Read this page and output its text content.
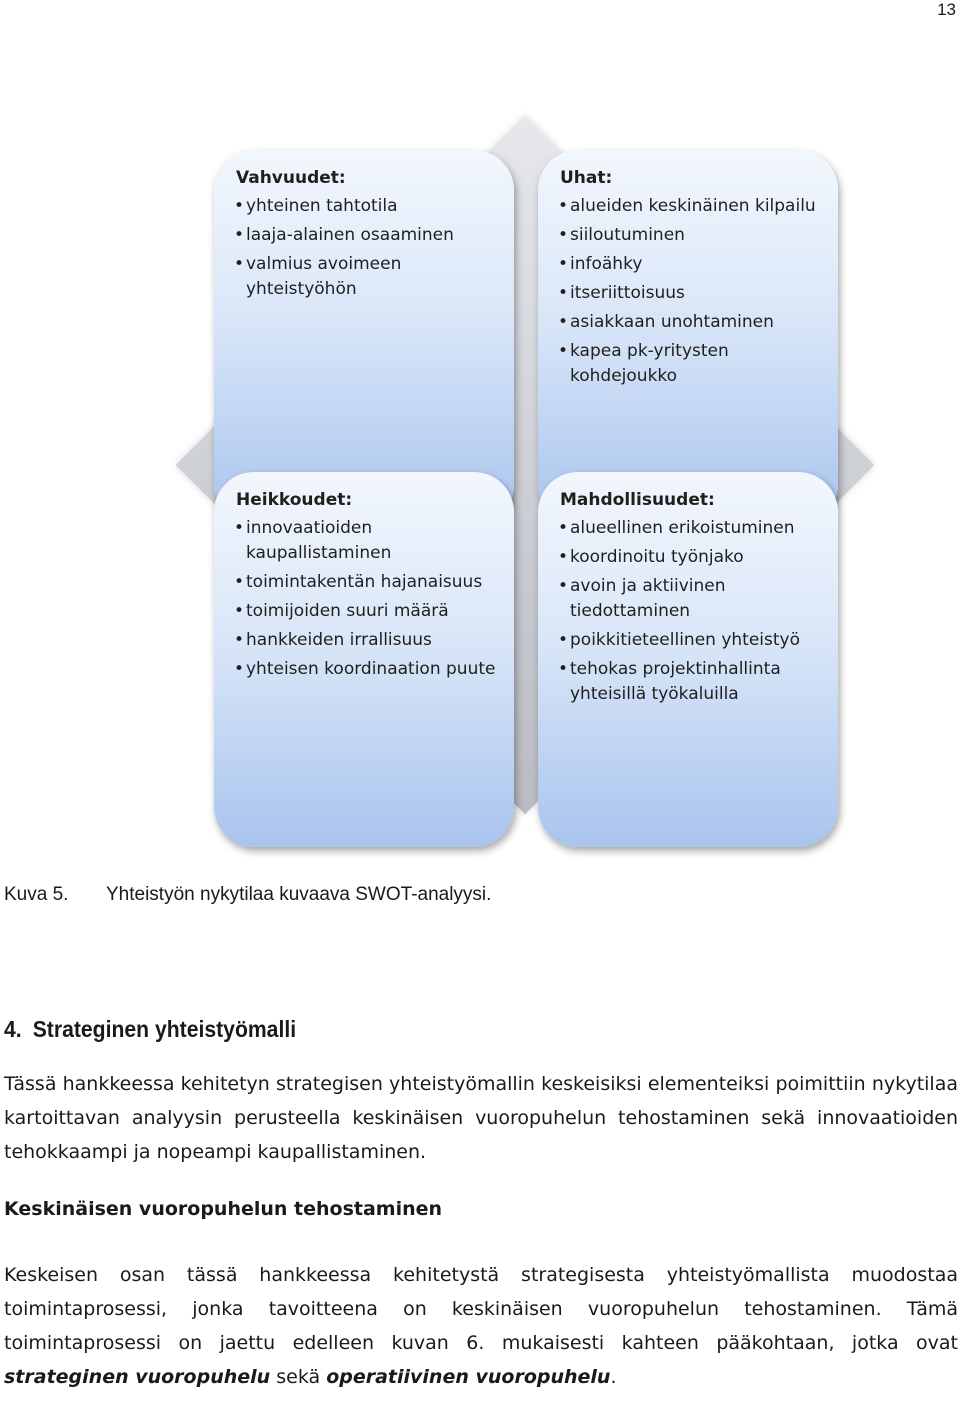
13
Vahvuudet:
• yhteinen tahtotila
• laaja-alainen osaaminen
• valmius avoimeen yhteistyöhön
Uhat:
• alueiden keskinäinen kilpailu
• siiloutuminen
• infoähky
• itseriittoisuus
• asiakkaan unohtaminen
• kapea pk-yritysten kohdejoukko
Heikkoudet:
• innovaatioiden kaupallistaminen
• toimintakentän hajanaisuus
• toimijoiden suuri määrä
• hankkeiden irrallisuus
• yhteisen koordinaation puute
Mahdollisuudet:
• alueellinen erikoistuminen
• koordinoitu työnjako
• avoin ja aktiivinen tiedottaminen
• poikkitieteellinen yhteistyö
• tehokas projektinhallinta yhteisillä työkaluilla
Kuva 5. Yhteistyön nykytilaa kuvaava SWOT-analyysi.
4. Strateginen yhteistyömalli

Tässä hankkeessa kehitetyn strategisen yhteistyömallin keskeisiksi elementeiksi poimittiin nykytilaa kartoittavan analyysin perusteella keskinäisen vuoropuhelun tehostaminen sekä innovaatioiden tehokkaampi ja nopeampi kaupallistaminen.

Keskinäisen vuoropuhelun tehostaminen

Keskeisen osan tässä hankkeessa kehitetystä strategisesta yhteistyömallista muodostaa toimintaprosessi, jonka tavoitteena on keskinäisen vuoropuhelun tehostaminen. Tämä toimintaprosessi on jaettu edelleen kuvan 6. mukaisesti kahteen pääkohtaan, jotka ovat strateginen vuoropuhelu sekä operatiivinen vuoropuhelu.
